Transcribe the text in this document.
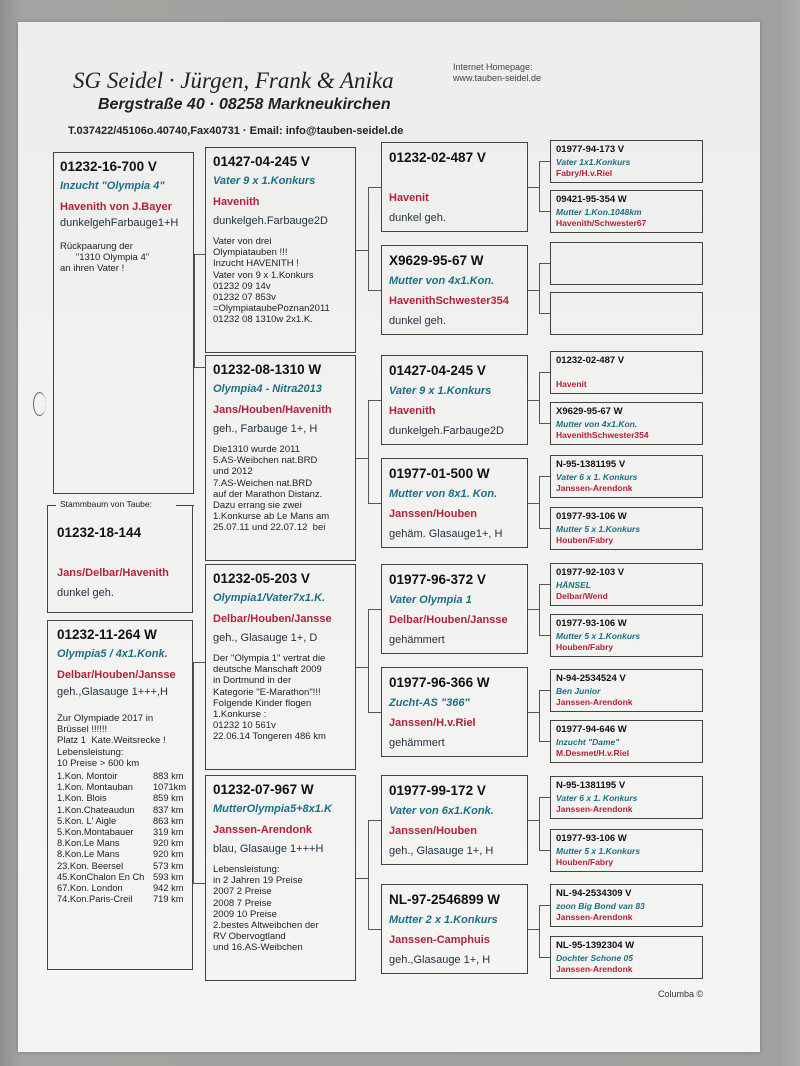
SG Seidel · Jürgen, Frank & Anika
Bergstraße 40 · 08258 Markneukirchen
T.037422/45106o.40740,Fax40731 · Email: info@tauben-seidel.de
Internet Homepage:
www.tauben-seidel.de
01232-16-700 V
Inzucht "Olympia 4"
Havenith von J.Bayer
dunkelgehFarbauge1+H
Rückpaarung der
"1310 Olympia 4"
an ihren Vater !
Stammbaum von Taube:
01232-18-144
Jans/Delbar/Havenith
dunkel geh.
01232-11-264 W
Olympia5 / 4x1.Konk.
Delbar/Houben/Jansse
geh.,Glasauge 1+++,H
Zur Olympiade 2017 in
Brüssel !!!!!!
Platz 1  Kate.Weitsrecke !
Lebensleistung:
10 Preise > 600 km
1.Kon. Montoir	883 km
1.Kon. Montauban 1071km
1.Kon. Blois	859 km
1.Kon.Chateaudun 837 km
5.Kon. L' Aigle	863 km
5.Kon.Montabauer 319 km
8.Kon.Le Mans	920 km
8.Kon.Le Mans	920 km
23.Kon. Beersel	573 km
45.KonChalon En Ch 593 km
67.Kon. London	942 km
74.Kon.Paris-Creil 719 km
01427-04-245 V
Vater 9 x 1.Konkurs
Havenith
dunkelgeh.Farbauge2D
Vater von drei
Olympiatauben !!!
Inzucht HAVENITH !
Vater von 9 x 1.Konkurs
01232 09 14v
01232 07 853v
=OlympiataubePoznan2011
01232 08 1310w 2x1.K.
01232-08-1310 W
Olympia4 - Nitra2013
Jans/Houben/Havenith
geh., Farbauge 1+, H
Die1310 wurde 2011
5.AS-Weibchen nat.BRD
und 2012
7.AS-Weichen nat.BRD
auf der Marathon Distanz.
Dazu errang sie zwei
1.Konkurse ab Le Mans am
25.07.11 und 22.07.12  bei
01232-05-203 V
Olympia1/Vater7x1.K.
Delbar/Houben/Jansse
geh., Glasauge 1+, D
Der "Olympia 1" vertrat die
deutsche Manschaft 2009
in Dortmund in der
Kategorie "E-Marathon"!!!
Folgende Kinder flogen
1.Konkurse :
01232 10 561v
22.06.14 Tongeren 486 km
01232-07-967 W
MutterOlympia5+8x1.K
Janssen-Arendonk
blau, Glasauge 1+++H
Lebensleistung:
in 2 Jahren 19 Preise
2007 2 Preise
2008 7 Preise
2009 10 Preise
2.bestes Altweibchen der
RV Obervogtland
und 16.AS-Weibchen
01232-02-487 V
Havenit
dunkel geh.
X9629-95-67 W
Mutter von 4x1.Kon.
HavenithSchwester354
dunkel geh.
01427-04-245 V
Vater 9 x 1.Konkurs
Havenith
dunkelgeh.Farbauge2D
01977-01-500 W
Mutter von 8x1. Kon.
Janssen/Houben
gehäm. Glasauge1+, H
01977-96-372 V
Vater Olympia 1
Delbar/Houben/Jansse
gehämmert
01977-96-366 W
Zucht-AS "366"
Janssen/H.v.Riel
gehämmert
01977-99-172 V
Vater von 6x1.Konk.
Janssen/Houben
geh., Glasauge 1+, H
NL-97-2546899 W
Mutter 2 x 1.Konkurs
Janssen-Camphuis
geh.,Glasauge 1+, H
01977-94-173 V
Vater 1x1.Konkurs
Fabry/H.v.Riel
09421-95-354 W
Mutter 1.Kon.1048km
Havenith/Schwester67
01232-02-487 V
Havenit
X9629-95-67 W
Mutter von 4x1.Kon.
HavenithSchwester354
N-95-1381195 V
Vater 6 x 1. Konkurs
Janssen-Arendonk
01977-93-106 W
Mutter 5 x 1.Konkurs
Houben/Fabry
01977-92-103 V
HÄNSEL
Delbar/Wend
01977-93-106 W
Mutter 5 x 1.Konkurs
Houben/Fabry
N-94-2534524 V
Ben Junior
Janssen-Arendonk
01977-94-646 W
Inzucht "Dame"
M.Desmet/H.v.Riel
N-95-1381195 V
Vater 6 x 1. Konkurs
Janssen-Arendonk
01977-93-106 W
Mutter 5 x 1.Konkurs
Houben/Fabry
NL-94-2534309 V
zoon Big Bond van 83
Janssen-Arendonk
NL-95-1392304 W
Dochter Schone 05
Janssen-Arendonk
Columba ©
